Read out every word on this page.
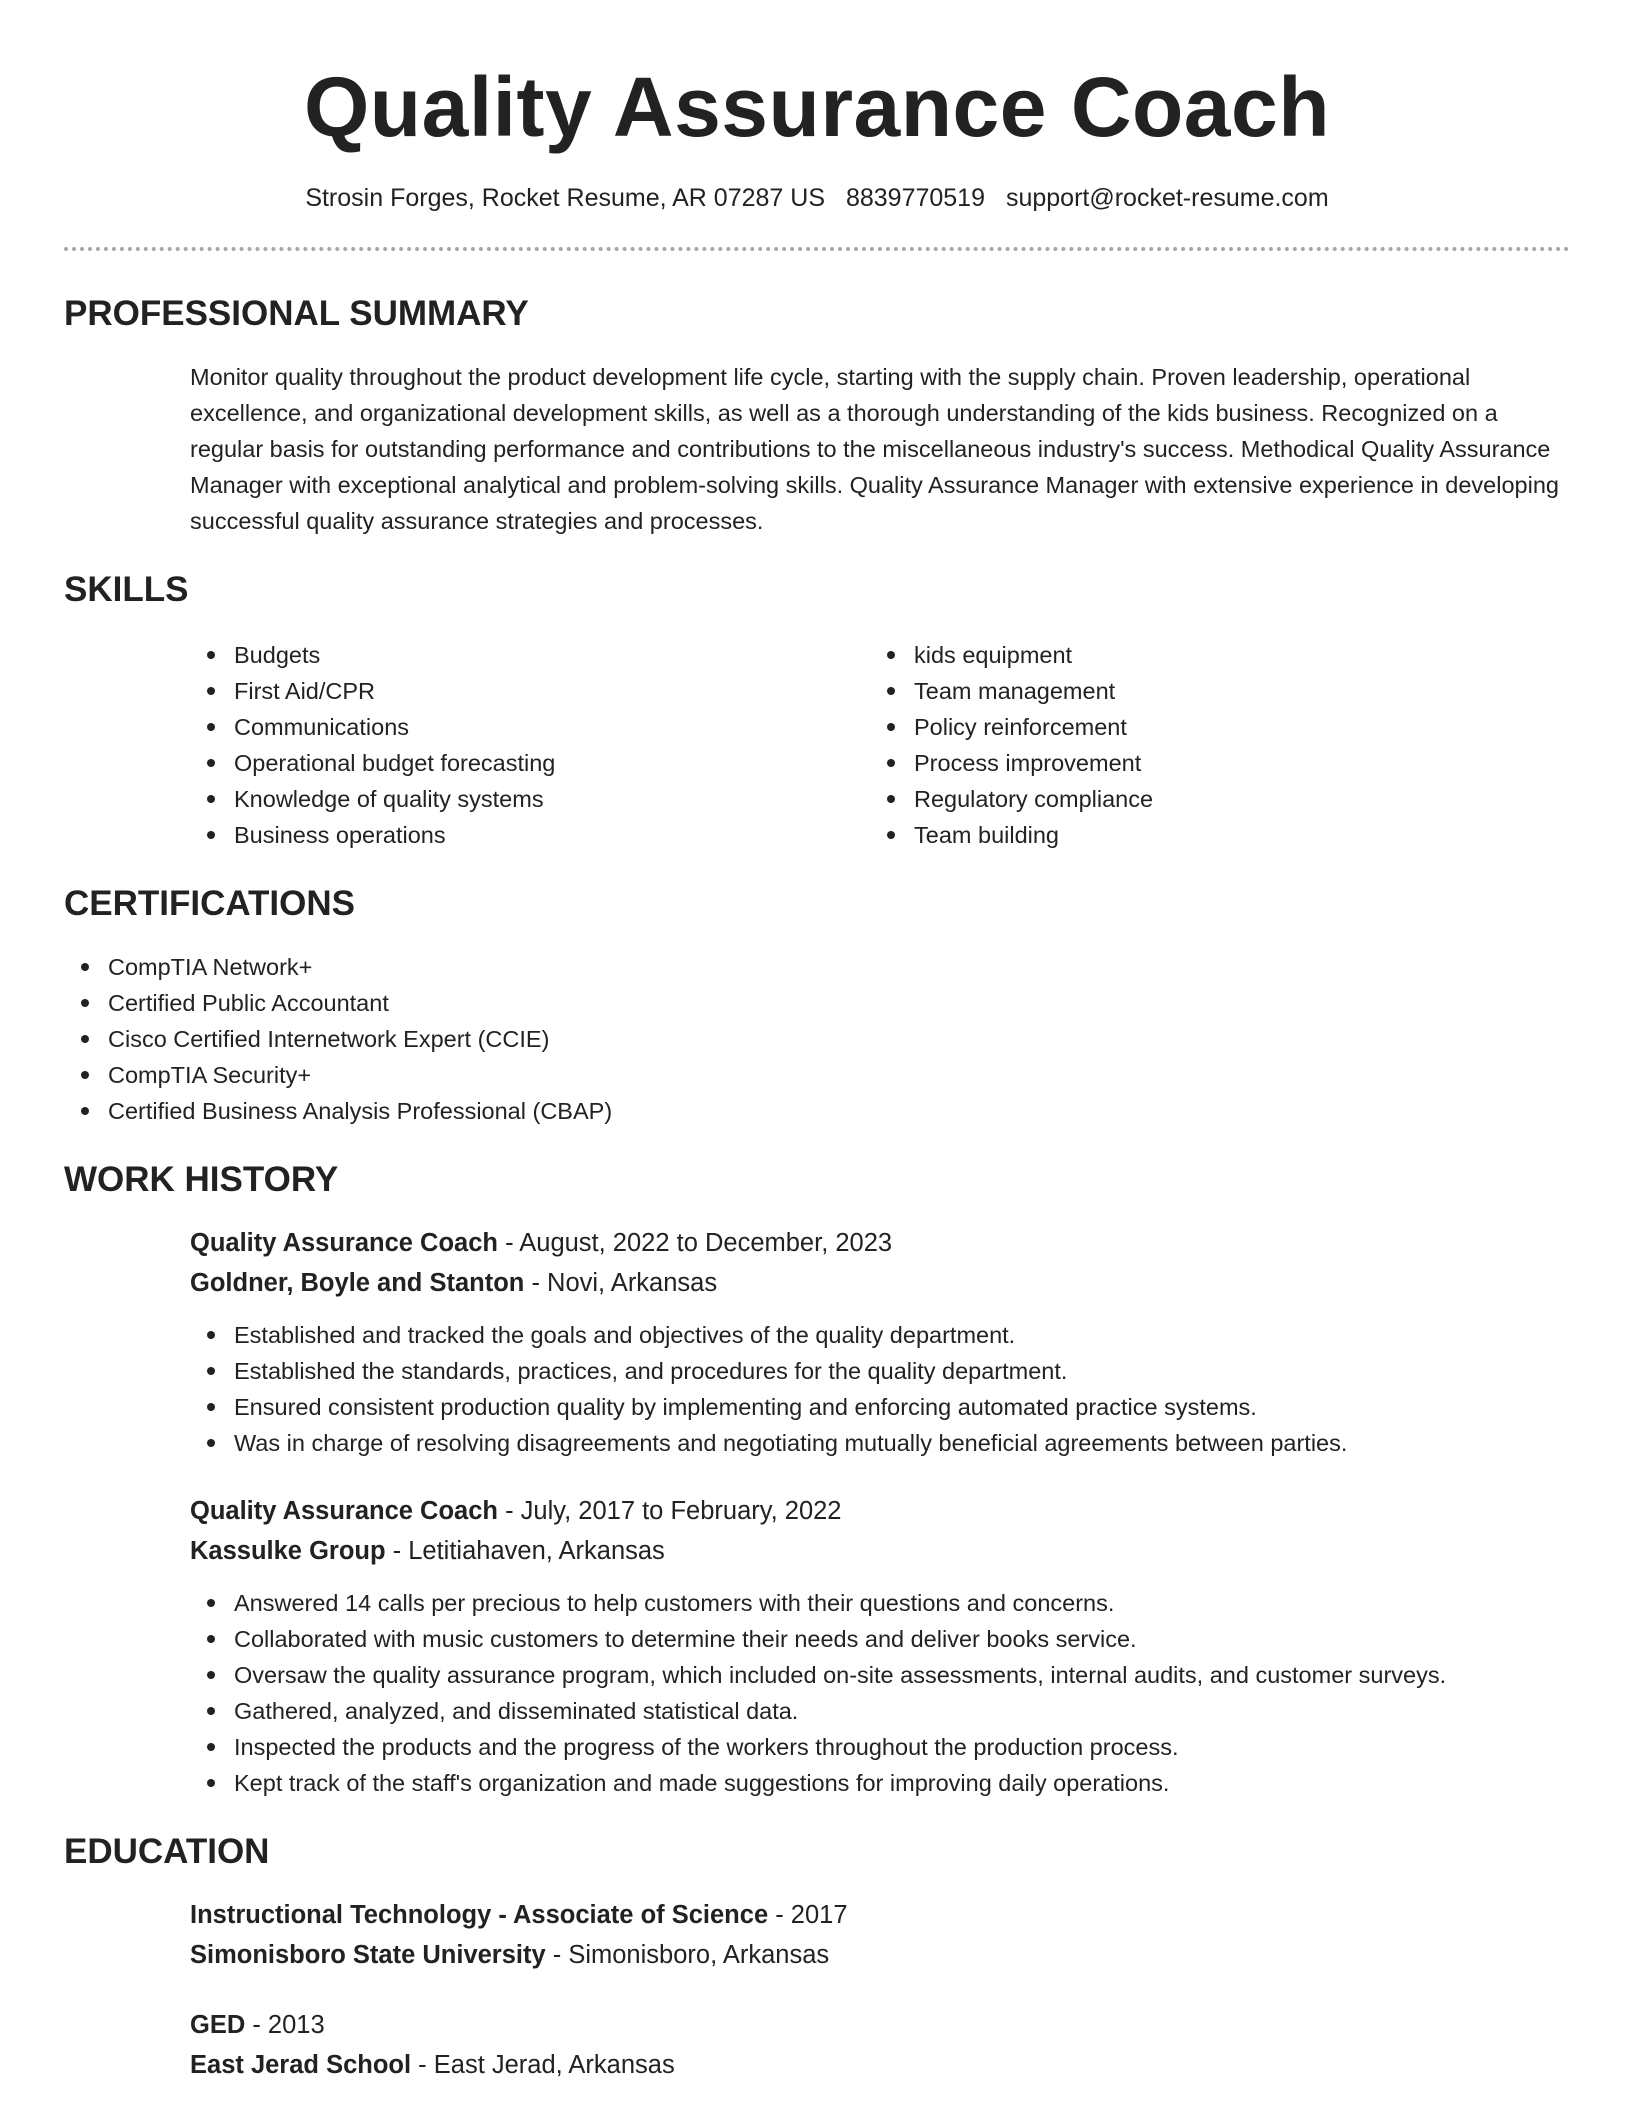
Quality Assurance Coach
Strosin Forges, Rocket Resume, AR 07287 US 8839770519 support@rocket-resume.com
PROFESSIONAL SUMMARY
Monitor quality throughout the product development life cycle, starting with the supply chain. Proven leadership, operational excellence, and organizational development skills, as well as a thorough understanding of the kids business. Recognized on a regular basis for outstanding performance and contributions to the miscellaneous industry's success. Methodical Quality Assurance Manager with exceptional analytical and problem-solving skills. Quality Assurance Manager with extensive experience in developing successful quality assurance strategies and processes.
SKILLS
Budgets
First Aid/CPR
Communications
Operational budget forecasting
Knowledge of quality systems
Business operations
kids equipment
Team management
Policy reinforcement
Process improvement
Regulatory compliance
Team building
CERTIFICATIONS
CompTIA Network+
Certified Public Accountant
Cisco Certified Internetwork Expert (CCIE)
CompTIA Security+
Certified Business Analysis Professional (CBAP)
WORK HISTORY
Quality Assurance Coach - August, 2022 to December, 2023
Goldner, Boyle and Stanton - Novi, Arkansas
Established and tracked the goals and objectives of the quality department.
Established the standards, practices, and procedures for the quality department.
Ensured consistent production quality by implementing and enforcing automated practice systems.
Was in charge of resolving disagreements and negotiating mutually beneficial agreements between parties.
Quality Assurance Coach - July, 2017 to February, 2022
Kassulke Group - Letitiahaven, Arkansas
Answered 14 calls per precious to help customers with their questions and concerns.
Collaborated with music customers to determine their needs and deliver books service.
Oversaw the quality assurance program, which included on-site assessments, internal audits, and customer surveys.
Gathered, analyzed, and disseminated statistical data.
Inspected the products and the progress of the workers throughout the production process.
Kept track of the staff's organization and made suggestions for improving daily operations.
EDUCATION
Instructional Technology - Associate of Science - 2017
Simonisboro State University - Simonisboro, Arkansas
GED - 2013
East Jerad School - East Jerad, Arkansas
